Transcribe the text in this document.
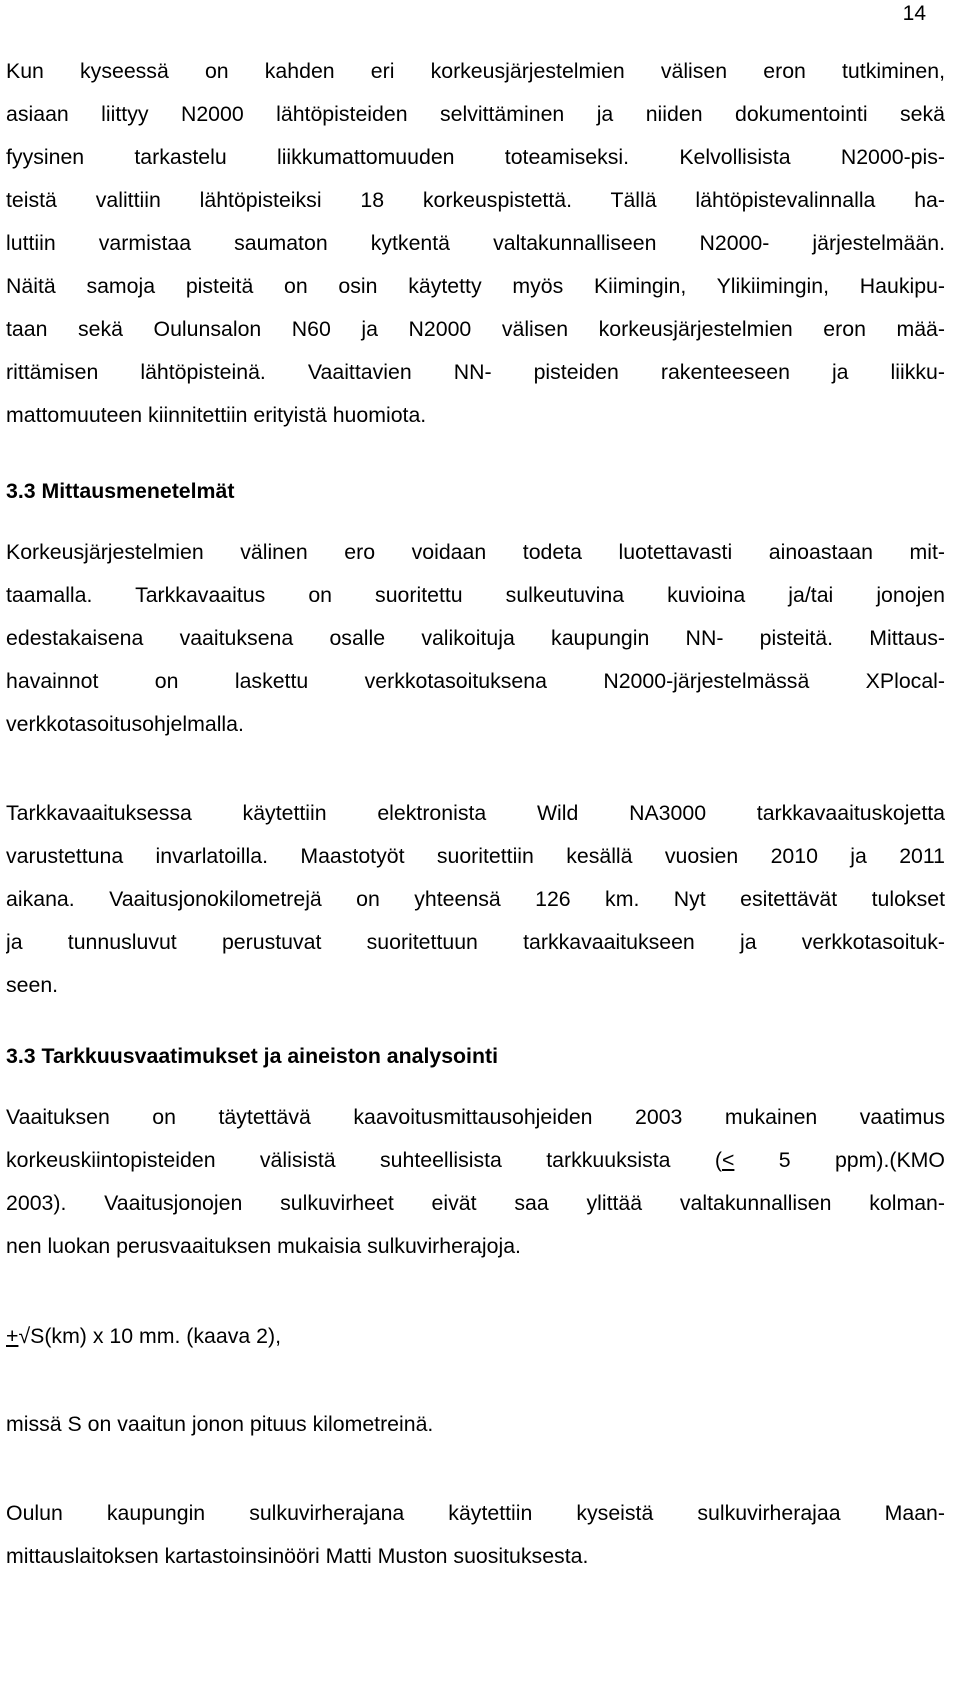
14
Kun kyseessä on kahden eri korkeusjärjestelmien välisen eron tutkiminen,
asiaan liittyy N2000 lähtöpisteiden selvittäminen ja niiden dokumentointi sekä
fyysinen tarkastelu liikkumattomuuden toteamiseksi. Kelvollisista N2000-pis-
teistä valittiin lähtöpisteiksi 18 korkeuspistettä. Tällä lähtöpistevalinnalla ha-
luttiin varmistaa saumaton kytkentä valtakunnalliseen N2000- järjestelmään.
Näitä samoja pisteitä on osin käytetty myös Kiimingin, Ylikiimingin, Haukipu-
taan sekä Oulunsalon N60 ja N2000 välisen korkeusjärjestelmien eron mää-
rittämisen lähtöpisteinä. Vaaittavien NN- pisteiden rakenteeseen ja liikku-
mattomuuteen kiinnitettiin erityistä huomiota.
3.3 Mittausmenetelmät
Korkeusjärjestelmien välinen ero voidaan todeta luotettavasti ainoastaan mit-
taamalla. Tarkkavaaitus on suoritettu sulkeutuvina kuvioina ja/tai jonojen
edestakaisena vaaituksena osalle valikoituja kaupungin NN- pisteitä. Mittaus-
havainnot on laskettu verkkotasoituksena N2000-järjestelmässä XPlocal-
verkkotasoitusohjelmalla.
Tarkkavaaituksessa käytettiin elektronista Wild NA3000 tarkkavaaituskojetta
varustettuna invarlatoilla. Maastotyöt suoritettiin kesällä vuosien 2010 ja 2011
aikana. Vaaitusjonokilometrejä on yhteensä 126 km. Nyt esitettävät tulokset
ja tunnusluvut perustuvat suoritettuun tarkkavaaitukseen ja verkkotasoituk-
seen.
3.3 Tarkkuusvaatimukset ja aineiston analysointi
Vaaituksen on täytettävä kaavoitusmittausohjeiden 2003 mukainen vaatimus
korkeuskiintopisteiden välisistä suhteellisista tarkkuuksista (< 5 ppm).(KMO
2003). Vaaitusjonojen sulkuvirheet eivät saa ylittää valtakunnallisen kolman-
nen luokan perusvaaituksen mukaisia sulkuvirherajoja.
+√S(km) x 10 mm. (kaava 2),
missä S on vaaitun jonon pituus kilometreinä.
Oulun kaupungin sulkuvirherajana käytettiin kyseistä sulkuvirherajaa Maan-
mittauslaitoksen kartastoinsinööri Matti Muston suosituksesta.
